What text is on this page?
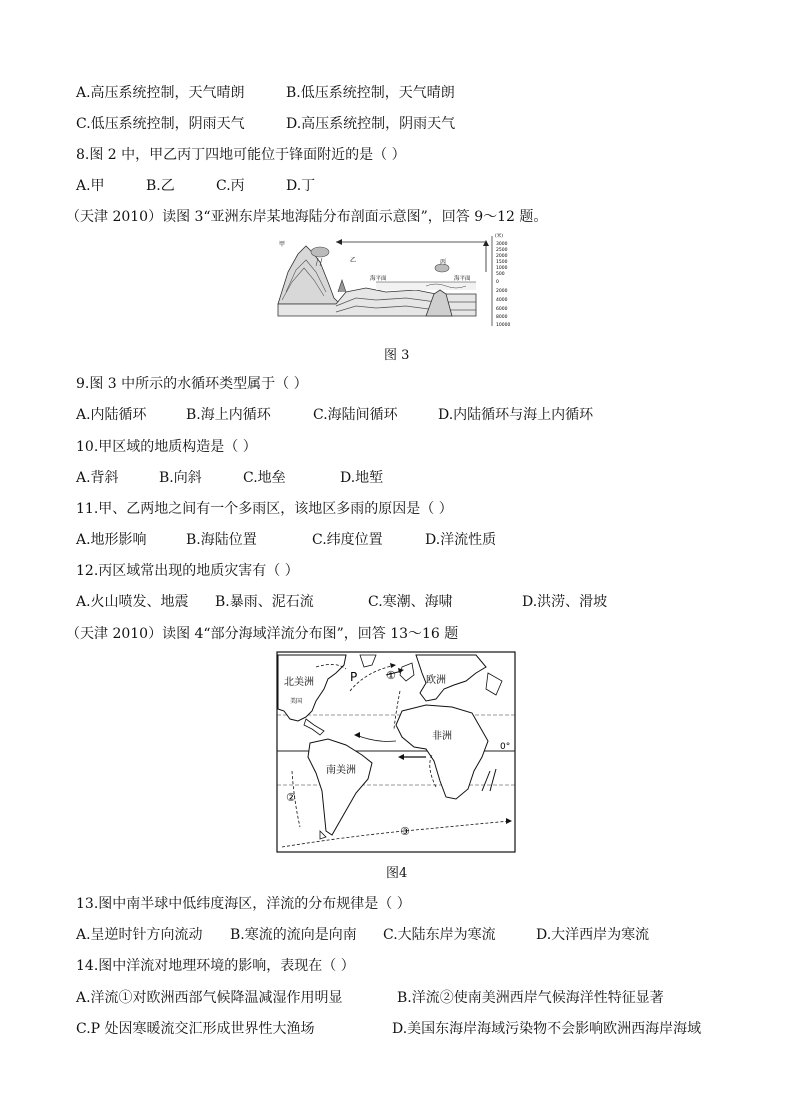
A.高压系统控制，天气晴朗	B.低压系统控制，天气晴朗
C.低压系统控制，阴雨天气	D.高压系统控制，阴雨天气
8.图 2 中，甲乙丙丁四地可能位于锋面附近的是（ ）
A.甲	B.乙	C.丙	D.丁
（天津 2010）读图 3“亚洲东岸某地海陆分布剖面示意图”，回答 9～12 题。
甲
乙	丙
海平面	海平面
(米)
3000
2500
2000
1500
1000
500
0
2000
4000
6000
8000
10000
图 3
9.图 3 中所示的水循环类型属于（ ）
A.内陆循环	B.海上内循环	C.海陆间循环	D.内陆循环与海上内循环
10.甲区域的地质构造是（ ）
A.背斜	B.向斜	C.地垒	D.地堑
11.甲、乙两地之间有一个多雨区，该地区多雨的原因是（ ）
A.地形影响	B.海陆位置	C.纬度位置	D.洋流性质
12.丙区域常出现的地质灾害有（ ）
A.火山喷发、地震 B.暴雨、泥石流	C.寒潮、海啸	D.洪涝、滑坡
（天津 2010）读图 4“部分海域洋流分布图”，回答 13～16 题
北美洲
美国
P	①	欧洲
非洲
0°
南美洲
②
③
图4
13.图中南半球中低纬度海区，洋流的分布规律是（ ）
A.呈逆时针方向流动 B.寒流的流向是向南 C.大陆东岸为寒流	D.大洋西岸为寒流
14.图中洋流对地理环境的影响，表现在（ ）
A.洋流①对欧洲西部气候降温减湿作用明显	B.洋流②使南美洲西岸气候海洋性特征显著
C.P 处因寒暖流交汇形成世界性大渔场	D.美国东海岸海域污染物不会影响欧洲西海岸海域
